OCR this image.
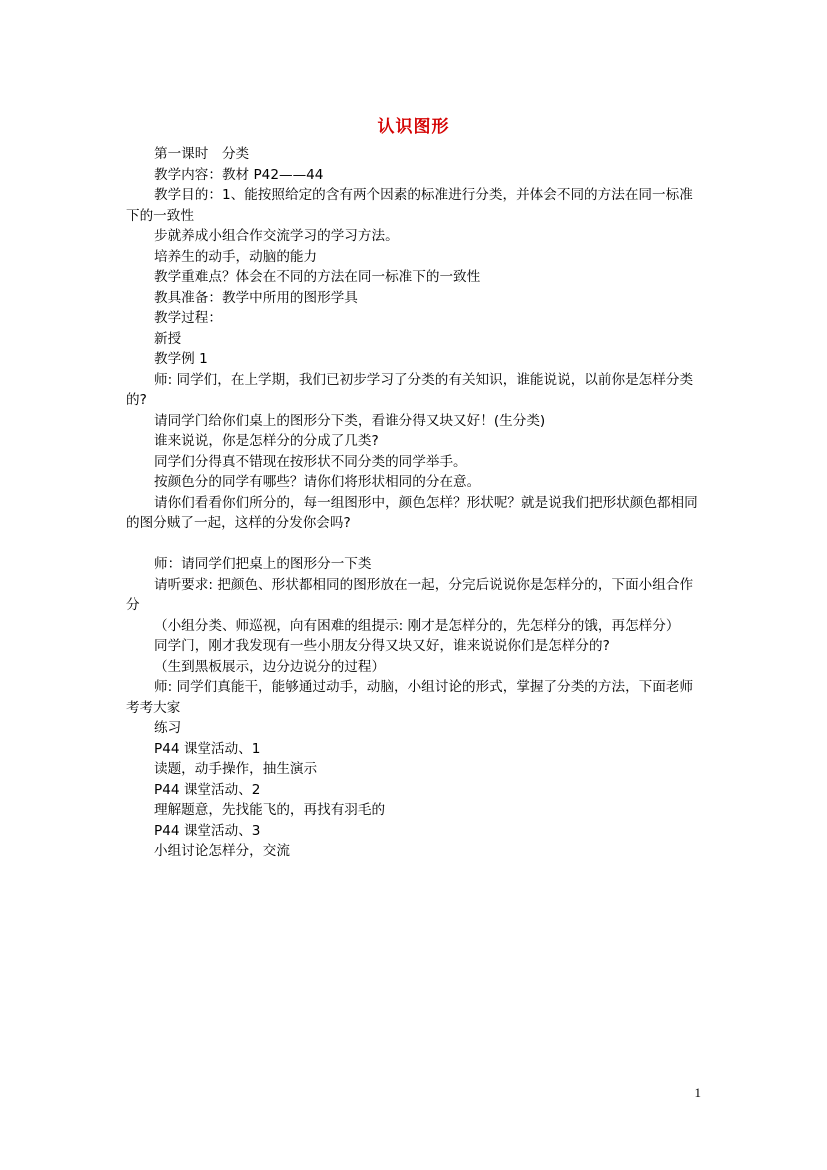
认识图形

第一课时　分类

教学内容：教材 P42——44

教学目的：1、能按照给定的含有两个因素的标准进行分类，并体会不同的方法在同一标准下的一致性

步就养成小组合作交流学习的学习方法。

培养生的动手，动脑的能力

教学重难点？体会在不同的方法在同一标准下的一致性

教具准备：教学中所用的图形学具

教学过程：

新授

教学例 1

师: 同学们，在上学期，我们已初步学习了分类的有关知识，谁能说说，以前你是怎样分类的?

请同学门给你们桌上的图形分下类，看谁分得又块又好！(生分类)

谁来说说，你是怎样分的分成了几类?

同学们分得真不错现在按形状不同分类的同学举手。

按颜色分的同学有哪些？请你们将形状相同的分在意。

请你们看看你们所分的，每一组图形中，颜色怎样？形状呢？就是说我们把形状颜色都相同的图分贼了一起，这样的分发你会吗?

师：请同学们把桌上的图形分一下类

请听要求: 把颜色、形状都相同的图形放在一起，分完后说说你是怎样分的，下面小组合作分

（小组分类、师巡视，向有困难的组提示: 刚才是怎样分的，先怎样分的饿，再怎样分）

同学门，刚才我发现有一些小朋友分得又块又好，谁来说说你们是怎样分的?

（生到黑板展示，边分边说分的过程）

师: 同学们真能干，能够通过动手，动脑，小组讨论的形式，掌握了分类的方法，下面老师考考大家

练习

P44 课堂活动、1

读题，动手操作，抽生演示

P44 课堂活动、2

理解题意，先找能飞的，再找有羽毛的

P44 课堂活动、3

小组讨论怎样分，交流

1
